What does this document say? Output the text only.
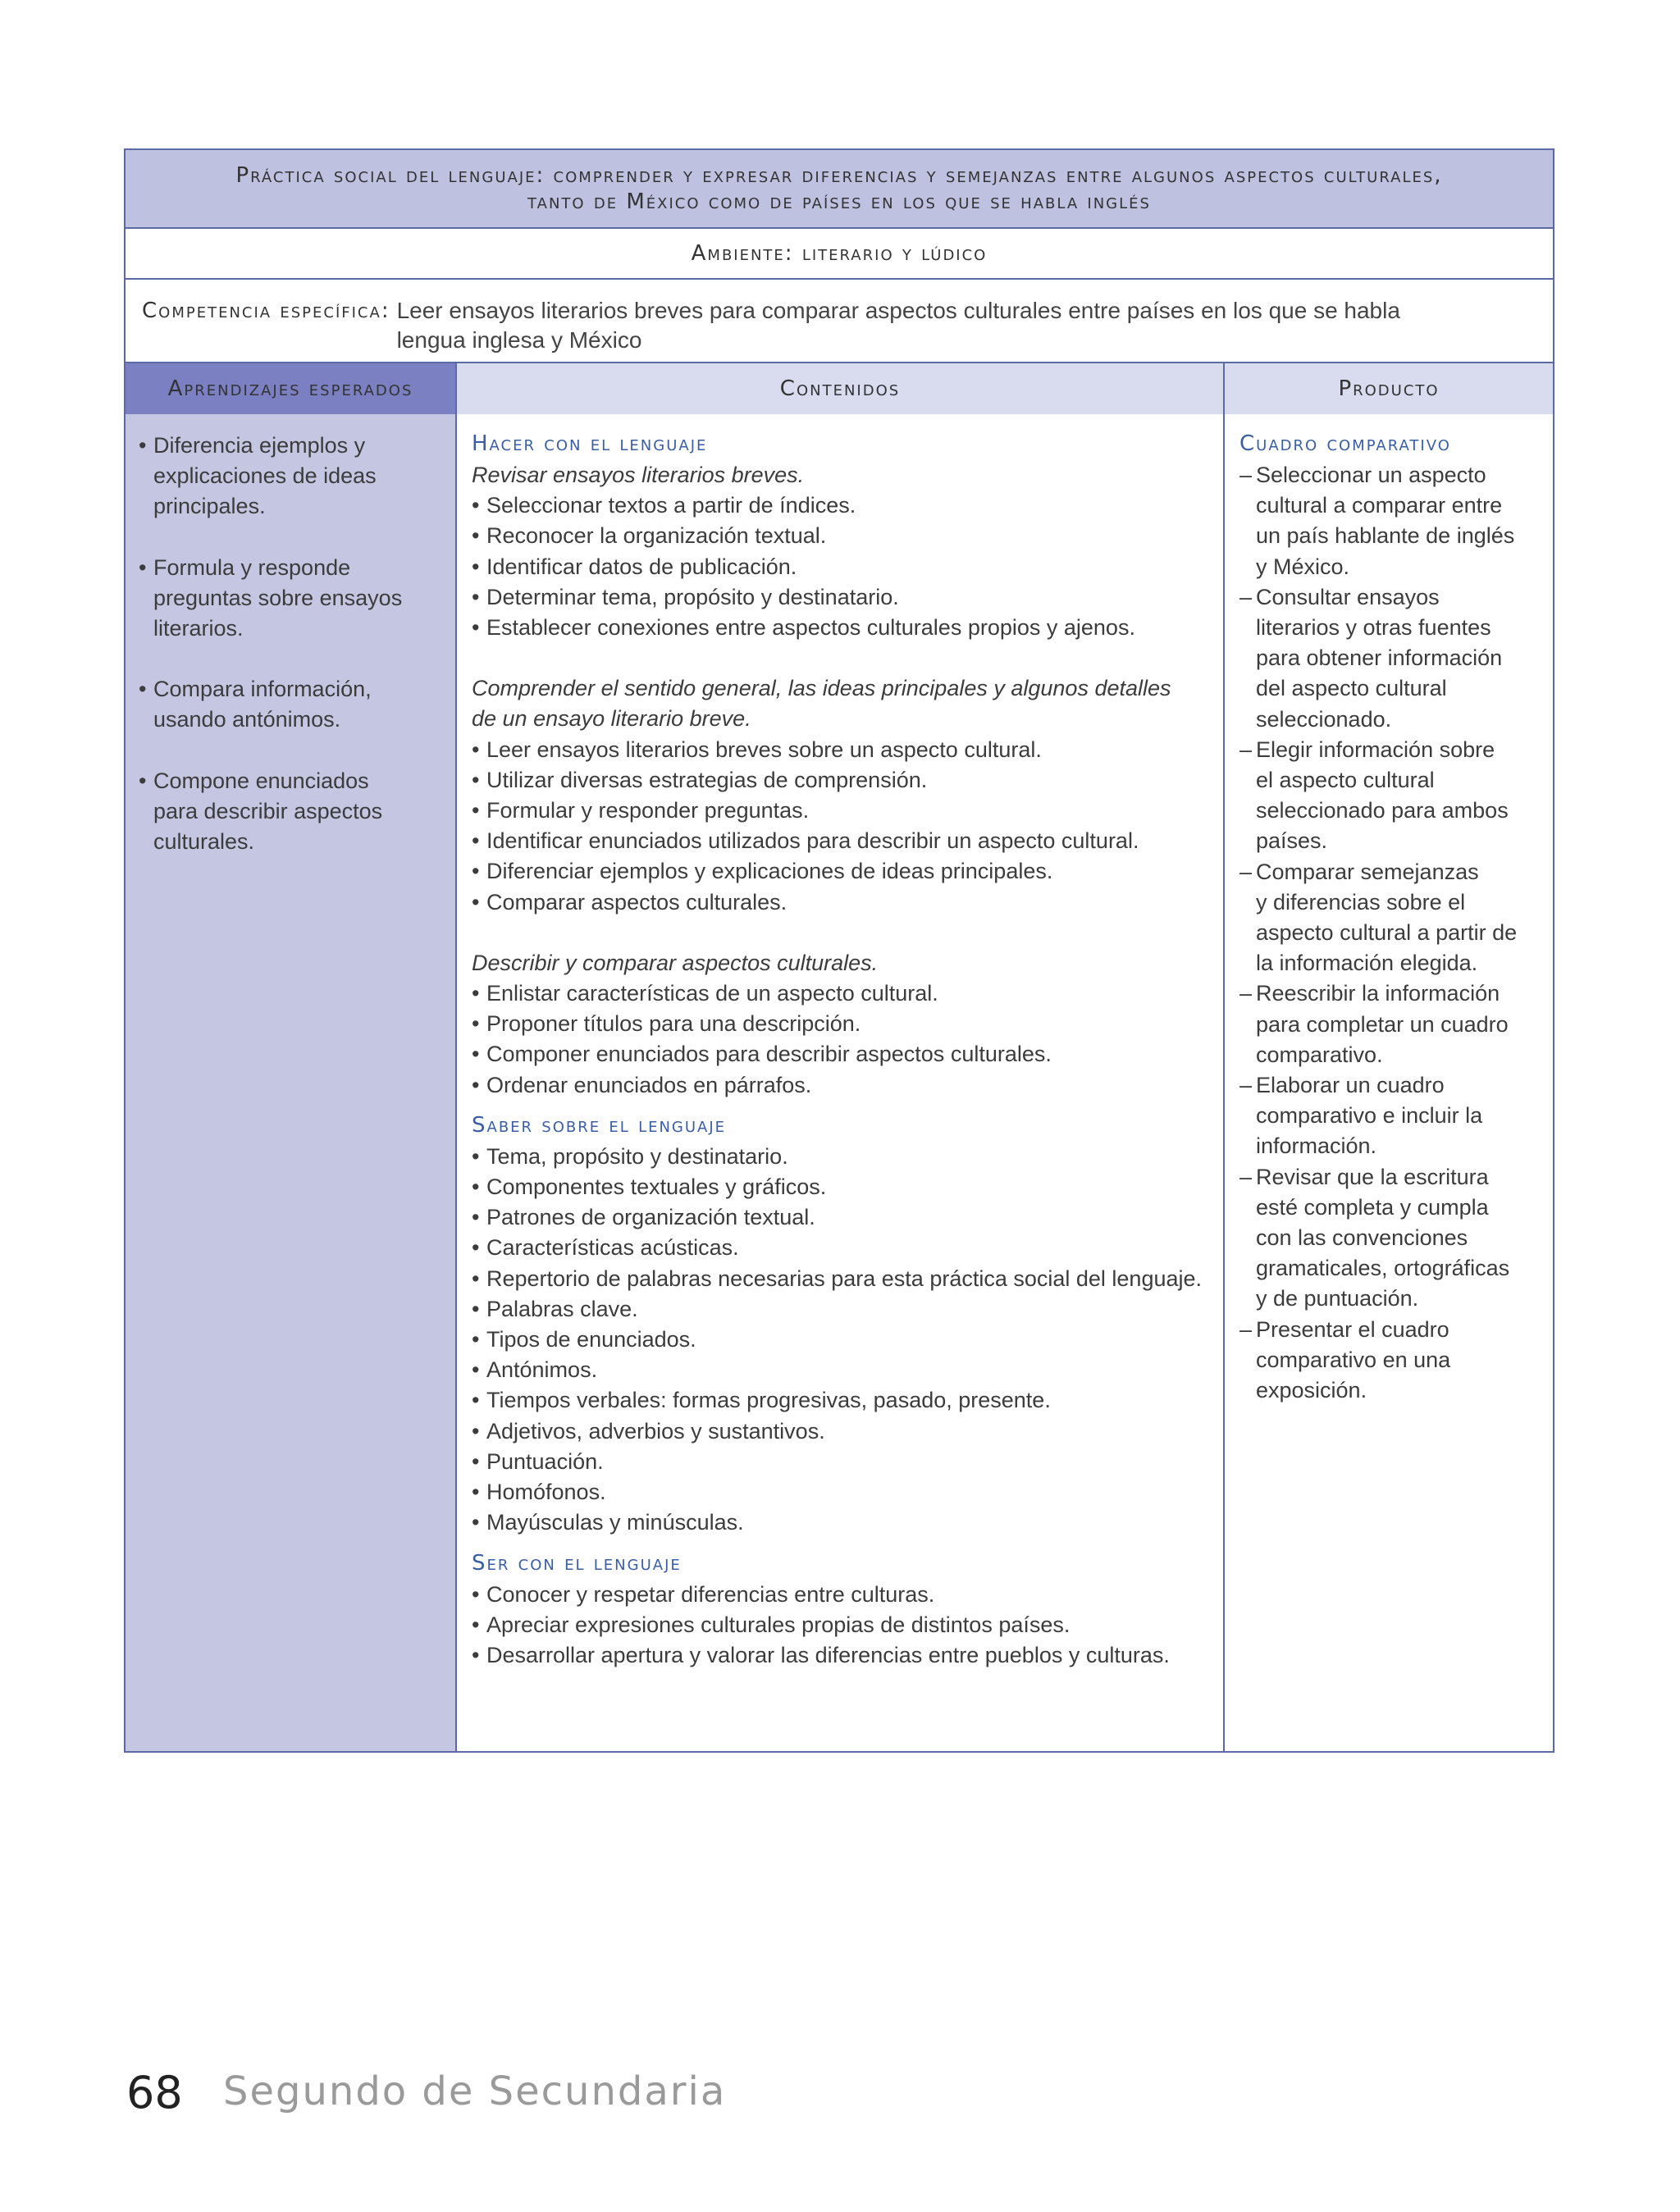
Práctica social del lenguaje: comprender y expresar diferencias y semejanzas entre algunos aspectos culturales,
tanto de México como de países en los que se habla inglés
Ambiente: literario y lúdico
Competencia específica: Leer ensayos literarios breves para comparar aspectos culturales entre países en los que se habla
lengua inglesa y México
Aprendizajes esperados	Contenidos	Producto
• Diferencia ejemplos y
explicaciones de ideas
principales.
• Formula y responde
preguntas sobre ensayos
literarios.
• Compara información,
usando antónimos.
• Compone enunciados
para describir aspectos
culturales.
Hacer con el lenguaje
Revisar ensayos literarios breves.
• Seleccionar textos a partir de índices.
• Reconocer la organización textual.
• Identificar datos de publicación.
• Determinar tema, propósito y destinatario.
• Establecer conexiones entre aspectos culturales propios y ajenos.
Comprender el sentido general, las ideas principales y algunos detalles
de un ensayo literario breve.
• Leer ensayos literarios breves sobre un aspecto cultural.
• Utilizar diversas estrategias de comprensión.
• Formular y responder preguntas.
• Identificar enunciados utilizados para describir un aspecto cultural.
• Diferenciar ejemplos y explicaciones de ideas principales.
• Comparar aspectos culturales.
Describir y comparar aspectos culturales.
• Enlistar características de un aspecto cultural.
• Proponer títulos para una descripción.
• Componer enunciados para describir aspectos culturales.
• Ordenar enunciados en párrafos.
Saber sobre el lenguaje
• Tema, propósito y destinatario.
• Componentes textuales y gráficos.
• Patrones de organización textual.
• Características acústicas.
• Repertorio de palabras necesarias para esta práctica social del lenguaje.
• Palabras clave.
• Tipos de enunciados.
• Antónimos.
• Tiempos verbales: formas progresivas, pasado, presente.
• Adjetivos, adverbios y sustantivos.
• Puntuación.
• Homófonos.
• Mayúsculas y minúsculas.
Ser con el lenguaje
• Conocer y respetar diferencias entre culturas.
• Apreciar expresiones culturales propias de distintos países.
• Desarrollar apertura y valorar las diferencias entre pueblos y culturas.
Cuadro comparativo
– Seleccionar un aspecto
cultural a comparar entre
un país hablante de inglés
y México.
– Consultar ensayos
literarios y otras fuentes
para obtener información
del aspecto cultural
seleccionado.
– Elegir información sobre
el aspecto cultural
seleccionado para ambos
países.
– Comparar semejanzas
y diferencias sobre el
aspecto cultural a partir de
la información elegida.
– Reescribir la información
para completar un cuadro
comparativo.
– Elaborar un cuadro
comparativo e incluir la
información.
– Revisar que la escritura
esté completa y cumpla
con las convenciones
gramaticales, ortográficas
y de puntuación.
– Presentar el cuadro
comparativo en una
exposición.
68 Segundo de Secundaria
